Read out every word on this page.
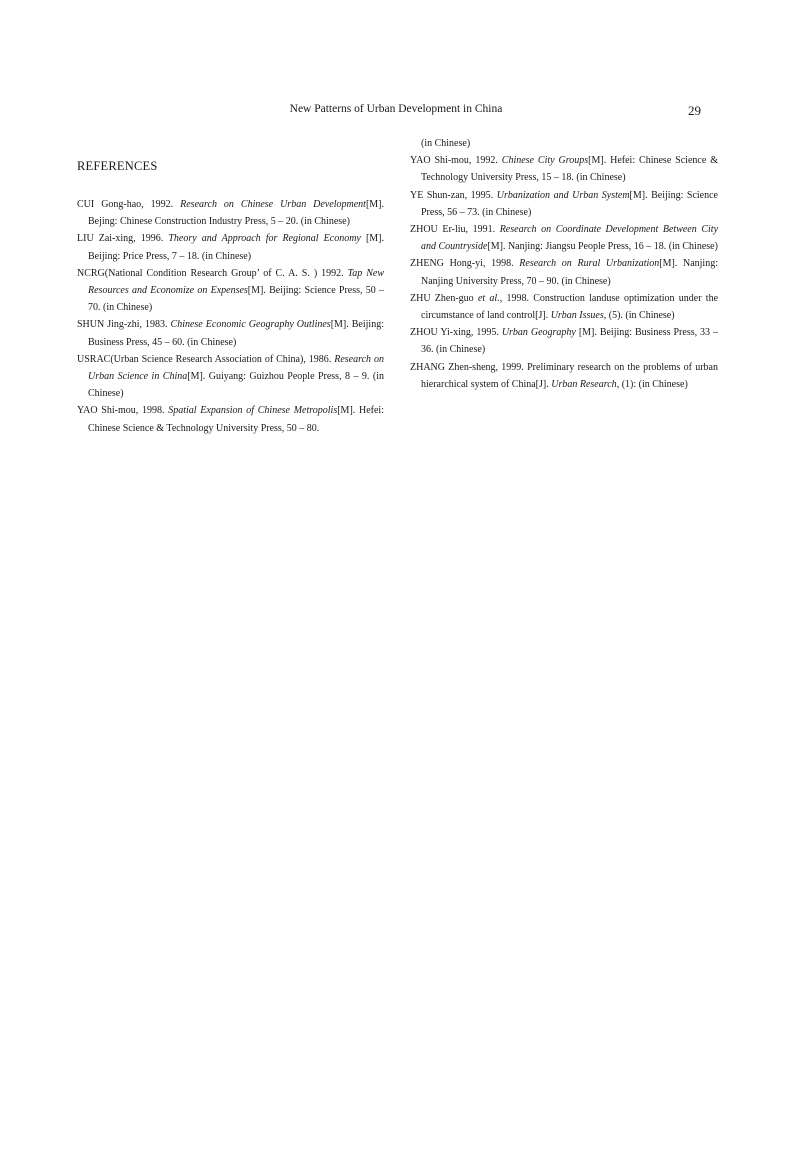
New Patterns of Urban Development in China	29
REFERENCES

CUI Gong-hao, 1992. Research on Chinese Urban Development[M]. Bejing: Chinese Construction Industry Press, 5 – 20. (in Chinese)

LIU Zai-xing, 1996. Theory and Approach for Regional Economy [M]. Beijing: Price Press, 7 – 18. (in Chinese)

NCRG(National Condition Research Group’ of C. A. S. ) 1992. Tap New Resources and Economize on Expenses[M]. Beijing: Science Press, 50 – 70. (in Chinese)

SHUN Jing-zhi, 1983. Chinese Economic Geography Outlines[M]. Beijing: Business Press, 45 – 60. (in Chinese)

USRAC(Urban Science Research Association of China), 1986. Research on Urban Science in China[M]. Guiyang: Guizhou People Press, 8 – 9. (in Chinese)

YAO Shi-mou, 1998. Spatial Expansion of Chinese Metropolis[M]. Hefei: Chinese Science & Technology University Press, 50 – 80.

(in Chinese)

YAO Shi-mou, 1992. Chinese City Groups[M]. Hefei: Chinese Science & Technology University Press, 15 – 18. (in Chinese)

YE Shun-zan, 1995. Urbanization and Urban System[M]. Beijing: Science Press, 56 – 73. (in Chinese)

ZHOU Er-liu, 1991. Research on Coordinate Development Between City and Countryside[M]. Nanjing: Jiangsu People Press, 16 – 18. (in Chinese)

ZHENG Hong-yi, 1998. Research on Rural Urbanization[M]. Nanjing: Nanjing University Press, 70 – 90. (in Chinese)

ZHU Zhen-guo et al., 1998. Construction landuse optimization under the circumstance of land control[J]. Urban Issues, (5). (in Chinese)

ZHOU Yi-xing, 1995. Urban Geography [M]. Beijing: Business Press, 33 – 36. (in Chinese)

ZHANG Zhen-sheng, 1999. Preliminary research on the problems of urban hierarchical system of China[J]. Urban Research, (1): (in Chinese)
